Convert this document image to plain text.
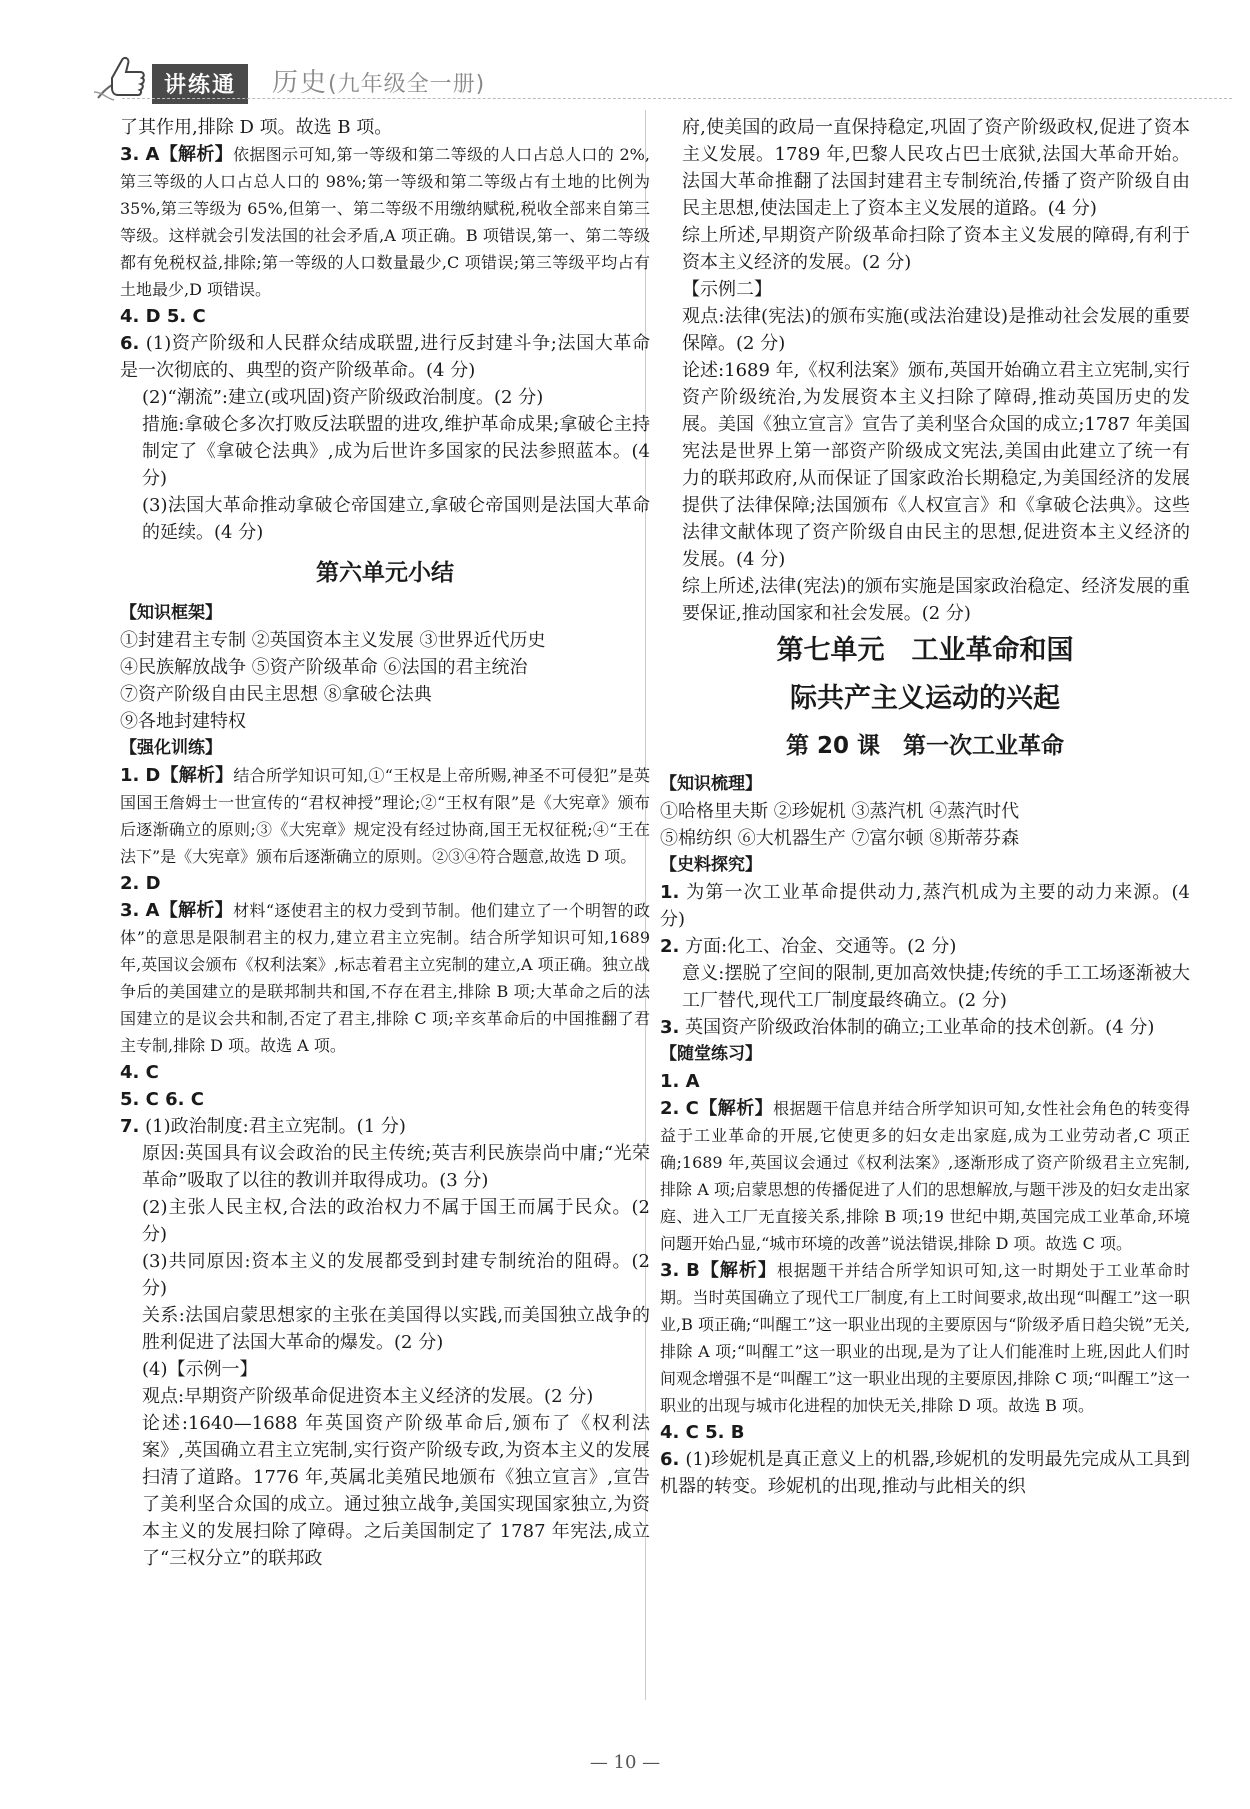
讲练通	历史(九年级全一册)
了其作用,排除 D 项。故选 B 项。
3. A【解析】依据图示可知,第一等级和第二等级的人口占总人口的 2%,第三等级的人口占总人口的 98%;第一等级和第二等级占有土地的比例为 35%,第三等级为 65%,但第一、第二等级不用缴纳赋税,税收全部来自第三等级。这样就会引发法国的社会矛盾,A 项正确。B 项错误,第一、第二等级都有免税权益,排除;第一等级的人口数量最少,C 项错误;第三等级平均占有土地最少,D 项错误。
4. D 5. C
6. (1)资产阶级和人民群众结成联盟,进行反封建斗争;法国大革命是一次彻底的、典型的资产阶级革命。(4 分)
(2)“潮流”:建立(或巩固)资产阶级政治制度。(2 分)
措施:拿破仑多次打败反法联盟的进攻,维护革命成果;拿破仑主持制定了《拿破仑法典》,成为后世许多国家的民法参照蓝本。(4 分)
(3)法国大革命推动拿破仑帝国建立,拿破仑帝国则是法国大革命的延续。(4 分)
第六单元小结
【知识框架】
①封建君主专制 ②英国资本主义发展 ③世界近代历史
④民族解放战争 ⑤资产阶级革命 ⑥法国的君主统治
⑦资产阶级自由民主思想 ⑧拿破仑法典
⑨各地封建特权
【强化训练】
1. D【解析】结合所学知识可知,①“王权是上帝所赐,神圣不可侵犯”是英国国王詹姆士一世宣传的“君权神授”理论;②“王权有限”是《大宪章》颁布后逐渐确立的原则;③《大宪章》规定没有经过协商,国王无权征税;④“王在法下”是《大宪章》颁布后逐渐确立的原则。②③④符合题意,故选 D 项。
2. D
3. A【解析】材料“逐使君主的权力受到节制。他们建立了一个明智的政体”的意思是限制君主的权力,建立君主立宪制。结合所学知识可知,1689 年,英国议会颁布《权利法案》,标志着君主立宪制的建立,A 项正确。独立战争后的美国建立的是联邦制共和国,不存在君主,排除 B 项;大革命之后的法国建立的是议会共和制,否定了君主,排除 C 项;辛亥革命后的中国推翻了君主专制,排除 D 项。故选 A 项。
4. C
5. C 6. C
7. (1)政治制度:君主立宪制。(1 分)
原因:英国具有议会政治的民主传统;英吉利民族崇尚中庸;“光荣革命”吸取了以往的教训并取得成功。(3 分)
(2)主张人民主权,合法的政治权力不属于国王而属于民众。(2 分)
(3)共同原因:资本主义的发展都受到封建专制统治的阻碍。(2 分)
关系:法国启蒙思想家的主张在美国得以实践,而美国独立战争的胜利促进了法国大革命的爆发。(2 分)
(4)【示例一】
观点:早期资产阶级革命促进资本主义经济的发展。(2 分)
论述:1640—1688 年英国资产阶级革命后,颁布了《权利法案》,英国确立君主立宪制,实行资产阶级专政,为资本主义的发展扫清了道路。1776 年,英属北美殖民地颁布《独立宣言》,宣告了美利坚合众国的成立。通过独立战争,美国实现国家独立,为资本主义的发展扫除了障碍。之后美国制定了 1787 年宪法,成立了“三权分立”的联邦政
府,使美国的政局一直保持稳定,巩固了资产阶级政权,促进了资本主义发展。1789 年,巴黎人民攻占巴士底狱,法国大革命开始。法国大革命推翻了法国封建君主专制统治,传播了资产阶级自由民主思想,使法国走上了资本主义发展的道路。(4 分)
综上所述,早期资产阶级革命扫除了资本主义发展的障碍,有利于资本主义经济的发展。(2 分)
【示例二】
观点:法律(宪法)的颁布实施(或法治建设)是推动社会发展的重要保障。(2 分)
论述:1689 年,《权利法案》颁布,英国开始确立君主立宪制,实行资产阶级统治,为发展资本主义扫除了障碍,推动英国历史的发展。美国《独立宣言》宣告了美利坚合众国的成立;1787 年美国宪法是世界上第一部资产阶级成文宪法,美国由此建立了统一有力的联邦政府,从而保证了国家政治长期稳定,为美国经济的发展提供了法律保障;法国颁布《人权宣言》和《拿破仑法典》。这些法律文献体现了资产阶级自由民主的思想,促进资本主义经济的发展。(4 分)
综上所述,法律(宪法)的颁布实施是国家政治稳定、经济发展的重要保证,推动国家和社会发展。(2 分)
第七单元　工业革命和国
际共产主义运动的兴起
第 20 课　第一次工业革命
【知识梳理】
①哈格里夫斯 ②珍妮机 ③蒸汽机 ④蒸汽时代
⑤棉纺织 ⑥大机器生产 ⑦富尔顿 ⑧斯蒂芬森
【史料探究】
1. 为第一次工业革命提供动力,蒸汽机成为主要的动力来源。(4 分)
2. 方面:化工、冶金、交通等。(2 分)
意义:摆脱了空间的限制,更加高效快捷;传统的手工工场逐渐被大工厂替代,现代工厂制度最终确立。(2 分)
3. 英国资产阶级政治体制的确立;工业革命的技术创新。(4 分)
【随堂练习】
1. A
2. C【解析】根据题干信息并结合所学知识可知,女性社会角色的转变得益于工业革命的开展,它使更多的妇女走出家庭,成为工业劳动者,C 项正确;1689 年,英国议会通过《权利法案》,逐渐形成了资产阶级君主立宪制,排除 A 项;启蒙思想的传播促进了人们的思想解放,与题干涉及的妇女走出家庭、进入工厂无直接关系,排除 B 项;19 世纪中期,英国完成工业革命,环境问题开始凸显,“城市环境的改善”说法错误,排除 D 项。故选 C 项。
3. B【解析】根据题干并结合所学知识可知,这一时期处于工业革命时期。当时英国确立了现代工厂制度,有上工时间要求,故出现“叫醒工”这一职业,B 项正确;“叫醒工”这一职业出现的主要原因与“阶级矛盾日趋尖锐”无关,排除 A 项;“叫醒工”这一职业的出现,是为了让人们能准时上班,因此人们时间观念增强不是“叫醒工”这一职业出现的主要原因,排除 C 项;“叫醒工”这一职业的出现与城市化进程的加快无关,排除 D 项。故选 B 项。
4. C 5. B
6. (1)珍妮机是真正意义上的机器,珍妮机的发明最先完成从工具到机器的转变。珍妮机的出现,推动与此相关的织
— 10 —
